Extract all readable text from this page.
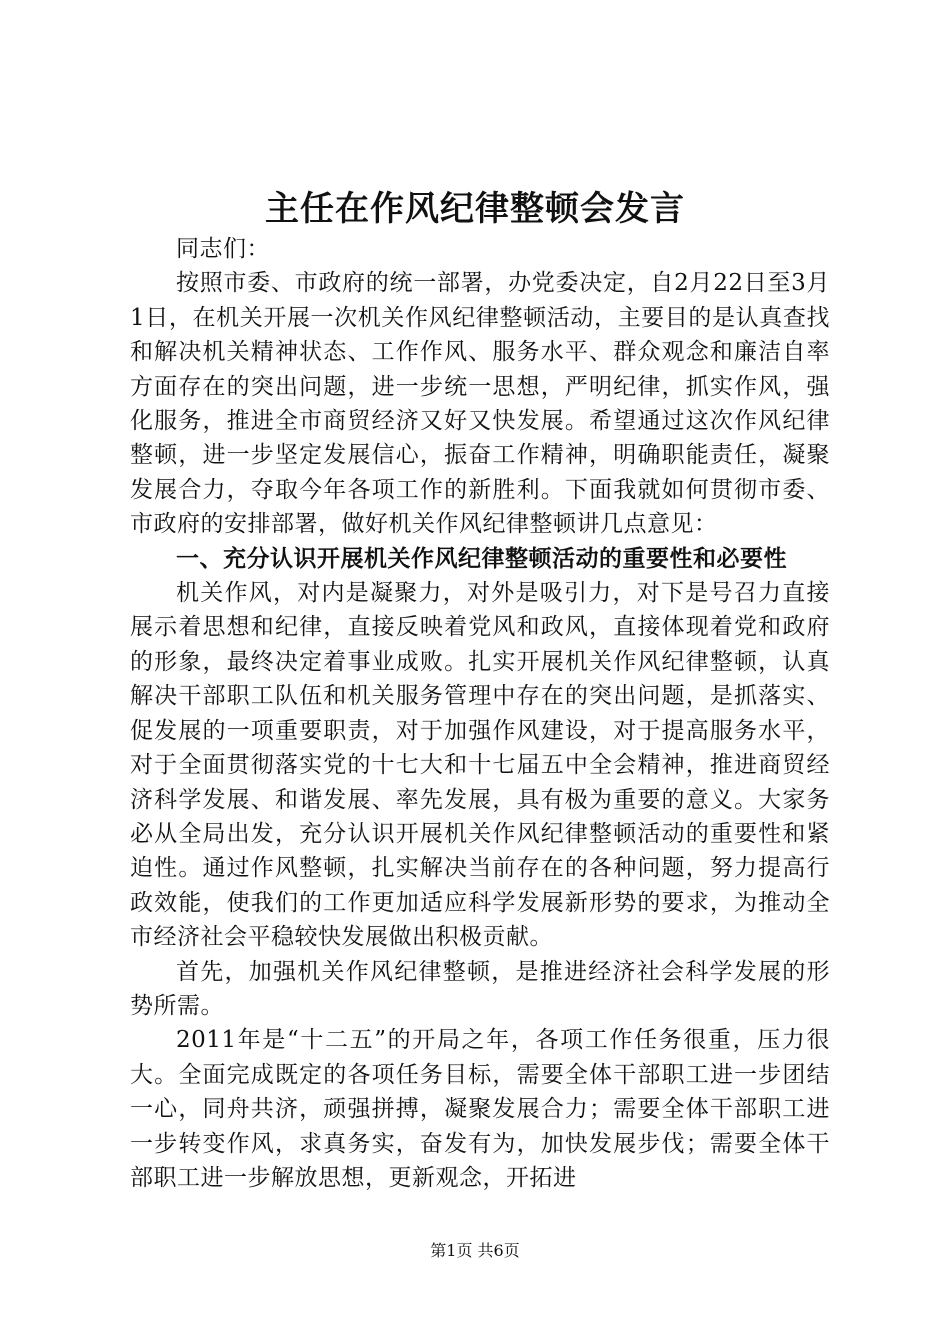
主任在作风纪律整顿会发言

同志们：

按照市委、市政府的统一部署，办党委决定，自2月22日至3月1日，在机关开展一次机关作风纪律整顿活动，主要目的是认真查找和解决机关精神状态、工作作风、服务水平、群众观念和廉洁自率方面存在的突出问题，进一步统一思想，严明纪律，抓实作风，强化服务，推进全市商贸经济又好又快发展。希望通过这次作风纪律整顿，进一步坚定发展信心，振奋工作精神，明确职能责任，凝聚发展合力，夺取今年各项工作的新胜利。下面我就如何贯彻市委、市政府的安排部署，做好机关作风纪律整顿讲几点意见：

一、充分认识开展机关作风纪律整顿活动的重要性和必要性

机关作风，对内是凝聚力，对外是吸引力，对下是号召力直接展示着思想和纪律，直接反映着党风和政风，直接体现着党和政府的形象，最终决定着事业成败。扎实开展机关作风纪律整顿，认真解决干部职工队伍和机关服务管理中存在的突出问题，是抓落实、促发展的一项重要职责，对于加强作风建设，对于提高服务水平，对于全面贯彻落实党的十七大和十七届五中全会精神，推进商贸经济科学发展、和谐发展、率先发展，具有极为重要的意义。大家务必从全局出发，充分认识开展机关作风纪律整顿活动的重要性和紧迫性。通过作风整顿，扎实解决当前存在的各种问题，努力提高行政效能，使我们的工作更加适应科学发展新形势的要求，为推动全市经济社会平稳较快发展做出积极贡献。

首先，加强机关作风纪律整顿，是推进经济社会科学发展的形势所需。

2011年是“十二五”的开局之年，各项工作任务很重，压力很大。全面完成既定的各项任务目标，需要全体干部职工进一步团结一心，同舟共济，顽强拼搏，凝聚发展合力；需要全体干部职工进一步转变作风，求真务实，奋发有为，加快发展步伐；需要全体干部职工进一步解放思想，更新观念，开拓进

第1页 共6页
